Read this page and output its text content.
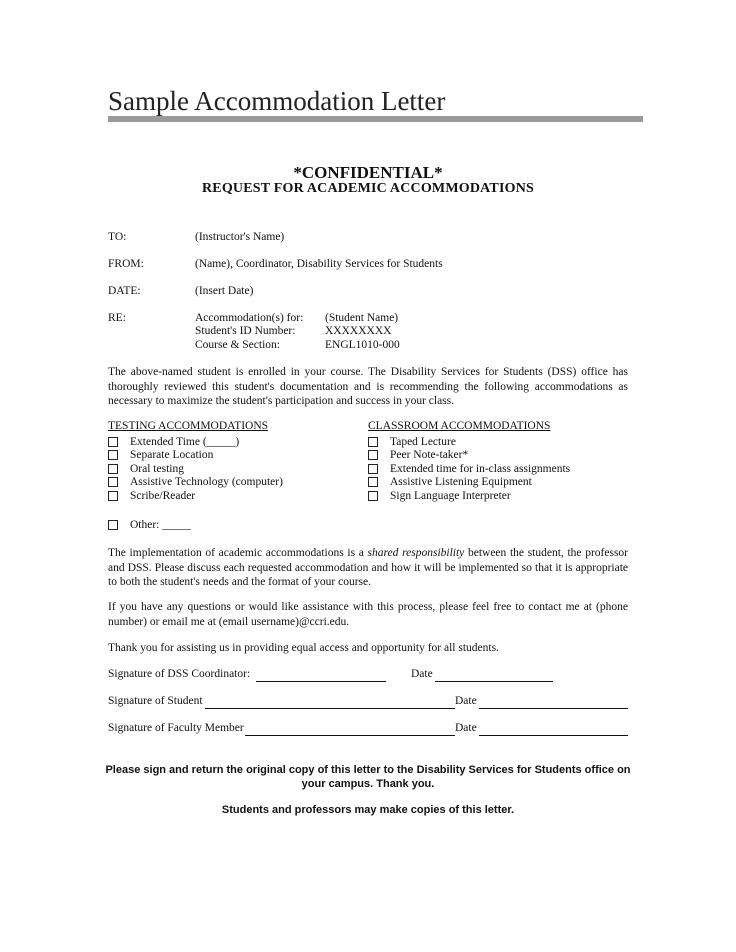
Sample Accommodation Letter
*CONFIDENTIAL*
REQUEST FOR ACADEMIC ACCOMMODATIONS
TO:	(Instructor's Name)
FROM:	(Name), Coordinator, Disability Services for Students
DATE:	(Insert Date)
RE:	Accommodation(s) for: (Student Name)
Student's ID Number:	XXXXXXXX
Course & Section:	ENGL1010-000
The above-named student is enrolled in your course. The Disability Services for Students (DSS) office has thoroughly reviewed this student's documentation and is recommending the following accommodations as necessary to maximize the student's participation and success in your class.
TESTING ACCOMMODATIONS
Extended Time (_____)
Separate Location
Oral testing
Assistive Technology (computer)
Scribe/Reader
CLASSROOM ACCOMMODATIONS
Taped Lecture
Peer Note-taker*
Extended time for in-class assignments
Assistive Listening Equipment
Sign Language Interpreter
Other: _____
The implementation of academic accommodations is a shared responsibility between the student, the professor and DSS. Please discuss each requested accommodation and how it will be implemented so that it is appropriate to both the student's needs and the format of your course.
If you have any questions or would like assistance with this process, please feel free to contact me at (phone number) or email me at (email username)@ccri.edu.
Thank you for assisting us in providing equal access and opportunity for all students.
Signature of DSS Coordinator:	Date
Signature of Student	Date
Signature of Faculty Member	Date
Please sign and return the original copy of this letter to the Disability Services for Students office on your campus. Thank you.
Students and professors may make copies of this letter.
